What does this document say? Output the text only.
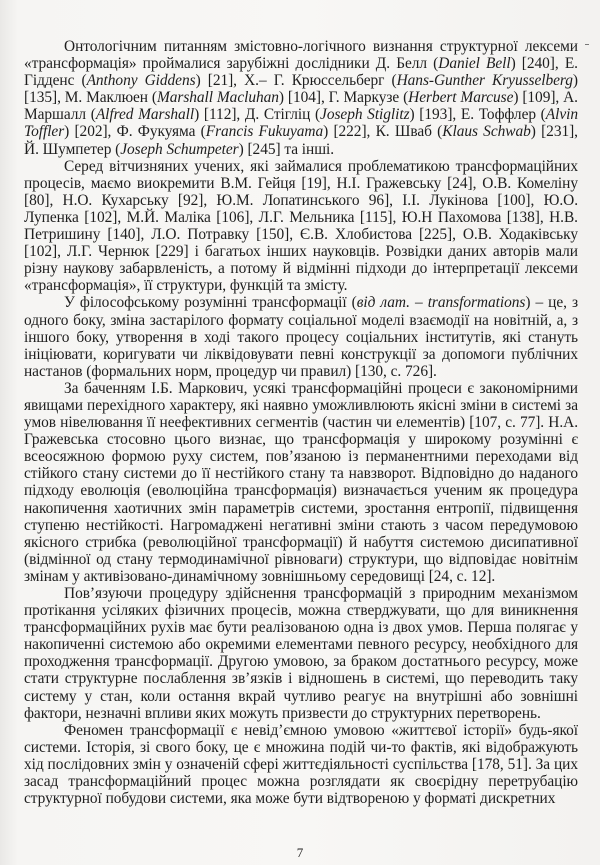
Онтологічним питанням змістовно-логічного визнання структурної лексеми «трансформація» проймалися зарубіжні дослідники Д. Белл (Daniel Bell) [240], Е. Гідденс (Anthony Giddens) [21], Х.– Г. Крюссельберг (Hans-Gunther Kryusselberg) [135], М. Маклюен (Marshall Macluhan) [104], Г. Маркузе (Herbert Marcuse) [109], А. Маршалл (Alfred Marshall) [112], Д. Стігліц (Joseph Stiglitz) [193], Е. Тоффлер (Alvin Toffler) [202], Ф. Фукуяма (Francis Fukuyama) [222], К. Шваб (Klaus Schwab) [231], Й. Шумпетер (Joseph Schumpeter) [245] та інші.

Серед вітчизняних учених, які займалися проблематикою трансформаційних процесів, маємо виокремити В.М. Гейця [19], Н.І. Гражевську [24], О.В. Комеліну [80], Н.О. Кухарську [92], Ю.М. Лопатинського 96], І.І. Лукінова [100], Ю.О. Лупенка [102], М.Й. Маліка [106], Л.Г. Мельника [115], Ю.Н Пахомова [138], Н.В. Петришину [140], Л.О. Потравку [150], Є.В. Хлобистова [225], О.В. Ходаківську [102], Л.Г. Чернюк [229] і багатьох інших науковців. Розвідки даних авторів мали різну наукову забарвленість, а потому й відмінні підходи до інтерпретації лексеми «трансформація», її структури, функцій та змісту.

У філософському розумінні трансформації (від лат. – transformations) – це, з одного боку, зміна застарілого формату соціальної моделі взаємодії на новітній, а, з іншого боку, утворення в ході такого процесу соціальних інститутів, які стануть ініціювати, коригувати чи ліквідовувати певні конструкції за допомоги публічних настанов (формальних норм, процедур чи правил) [130, с. 726].

За баченням І.Б. Маркович, усякі трансформаційні процеси є закономірними явищами перехідного характеру, які наявно уможливлюють якісні зміни в системі за умов нівелювання її неефективних сегментів (частин чи елементів) [107, с. 77]. Н.А. Гражевська стосовно цього визнає, що трансформація у широкому розумінні є всеосяжною формою руху систем, пов’язаною із перманентними переходами від стійкого стану системи до її нестійкого стану та навзворот. Відповідно до наданого підходу еволюція (еволюційна трансформація) визначається ученим як процедура накопичення хаотичних змін параметрів системи, зростання ентропії, підвищення ступеню нестійкості. Нагромаджені негативні зміни стають з часом передумовою якісного стрибка (революційної трансформації) й набуття системою дисипативної (відмінної од стану термодинамічної рівноваги) структури, що відповідає новітнім змінам у активізовано-динамічному зовнішньому середовищі [24, с. 12].

Пов’язуючи процедуру здійснення трансформацій з природним механізмом протікання усіляких фізичних процесів, можна стверджувати, що для виникнення трансформаційних рухів має бути реалізованою одна із двох умов. Перша полягає у накопиченні системою або окремими елементами певного ресурсу, необхідного для проходження трансформації. Другою умовою, за браком достатнього ресурсу, може стати структурне послаблення зв’язків і відношень в системі, що переводить таку систему у стан, коли остання вкрай чутливо реагує на внутрішні або зовнішні фактори, незначні впливи яких можуть призвести до структурних перетворень.

Феномен трансформації є невід’ємною умовою «життєвої історії» будь-якої системи. Історія, зі свого боку, це є множина подій чи-то фактів, які відображують хід послідовних змін у означеній сфері життєдіяльності суспільства [178, 51]. За цих засад трансформаційний процес можна розглядати як своєрідну перетрубацію структурної побудови системи, яка може бути відтвореною у форматі дискретних

7
